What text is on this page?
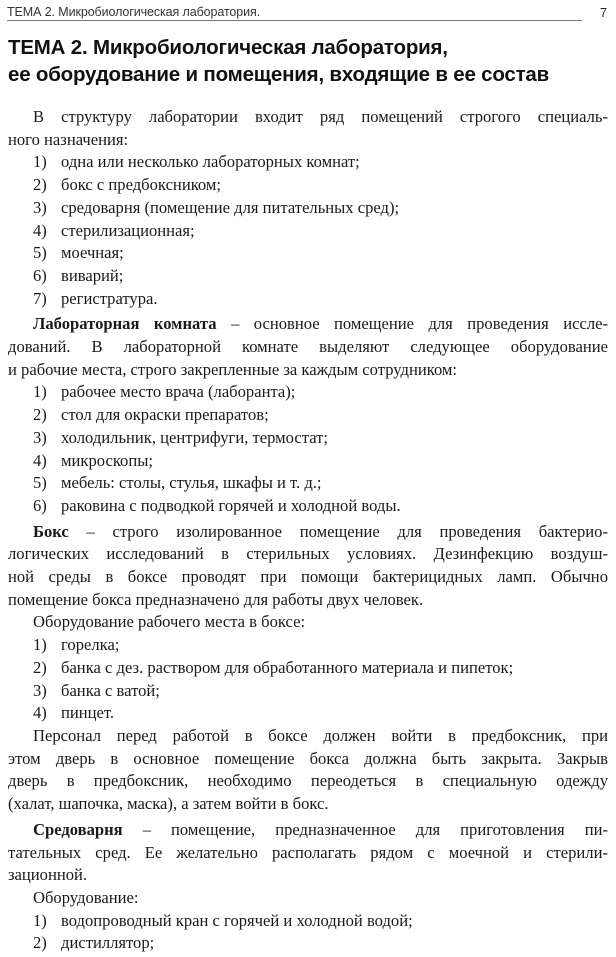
ТЕМА 2. Микробиологическая лаборатория.	7
ТЕМА 2. Микробиологическая лаборатория,
ее оборудование и помещения, входящие в ее состав
В структуру лаборатории входит ряд помещений строгого специаль-
ного назначения:
1) одна или несколько лабораторных комнат;
2) бокс с предбоксником;
3) средоварня (помещение для питательных сред);
4) стерилизационная;
5) моечная;
6) виварий;
7) регистратура.
Лабораторная комната – основное помещение для проведения иссле-
дований. В лабораторной комнате выделяют следующее оборудование
и рабочие места, строго закрепленные за каждым сотрудником:
1) рабочее место врача (лаборанта);
2) стол для окраски препаратов;
3) холодильник, центрифуги, термостат;
4) микроскопы;
5) мебель: столы, стулья, шкафы и т. д.;
6) раковина с подводкой горячей и холодной воды.
Бокс – строго изолированное помещение для проведения бактерио-
логических исследований в стерильных условиях. Дезинфекцию воздуш-
ной среды в боксе проводят при помощи бактерицидных ламп. Обычно
помещение бокса предназначено для работы двух человек.
Оборудование рабочего места в боксе:
1) горелка;
2) банка с дез. раствором для обработанного материала и пипеток;
3) банка с ватой;
4) пинцет.
Персонал перед работой в боксе должен войти в предбоксник, при
этом дверь в основное помещение бокса должна быть закрыта. Закрыв
дверь в предбоксник, необходимо переодеться в специальную одежду
(халат, шапочка, маска), а затем войти в бокс.
Средоварня – помещение, предназначенное для приготовления пи-
тательных сред. Ее желательно располагать рядом с моечной и стерили-
зационной.
Оборудование:
1) водопроводный кран с горячей и холодной водой;
2) дистиллятор;
